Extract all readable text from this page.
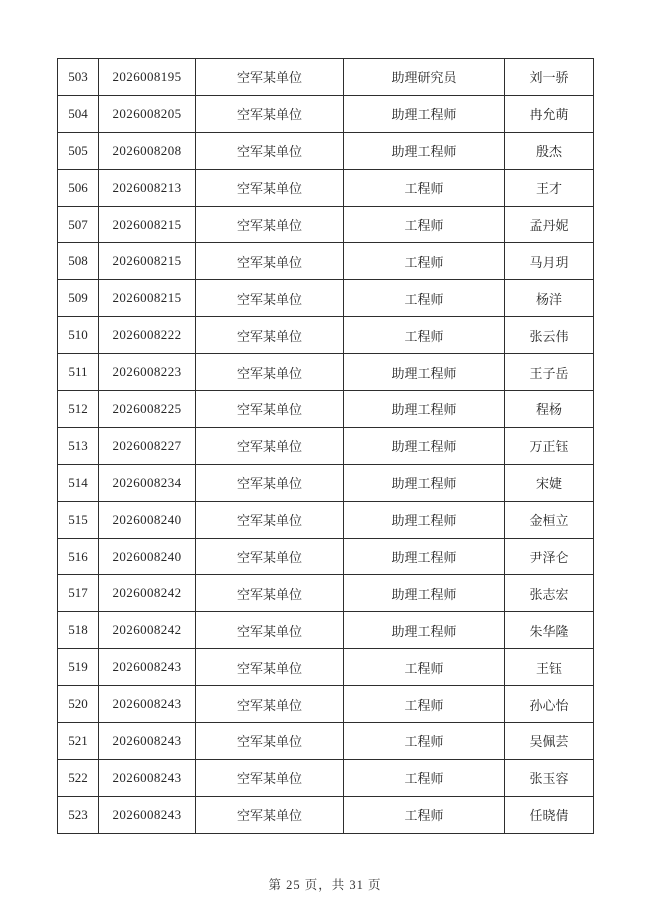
503	2026008195	空军某单位	助理研究员	刘一骄
504	2026008205	空军某单位	助理工程师	冉允萌
505	2026008208	空军某单位	助理工程师	殷杰
506	2026008213	空军某单位	工程师	王才
507	2026008215	空军某单位	工程师	孟丹妮
508	2026008215	空军某单位	工程师	马月玥
509	2026008215	空军某单位	工程师	杨洋
510	2026008222	空军某单位	工程师	张云伟
511	2026008223	空军某单位	助理工程师	王子岳
512	2026008225	空军某单位	助理工程师	程杨
513	2026008227	空军某单位	助理工程师	万正钰
514	2026008234	空军某单位	助理工程师	宋婕
515	2026008240	空军某单位	助理工程师	金桓立
516	2026008240	空军某单位	助理工程师	尹泽仑
517	2026008242	空军某单位	助理工程师	张志宏
518	2026008242	空军某单位	助理工程师	朱华隆
519	2026008243	空军某单位	工程师	王钰
520	2026008243	空军某单位	工程师	孙心怡
521	2026008243	空军某单位	工程师	吴佩芸
522	2026008243	空军某单位	工程师	张玉容
523	2026008243	空军某单位	工程师	任晓倩
第 25 页，共 31 页
